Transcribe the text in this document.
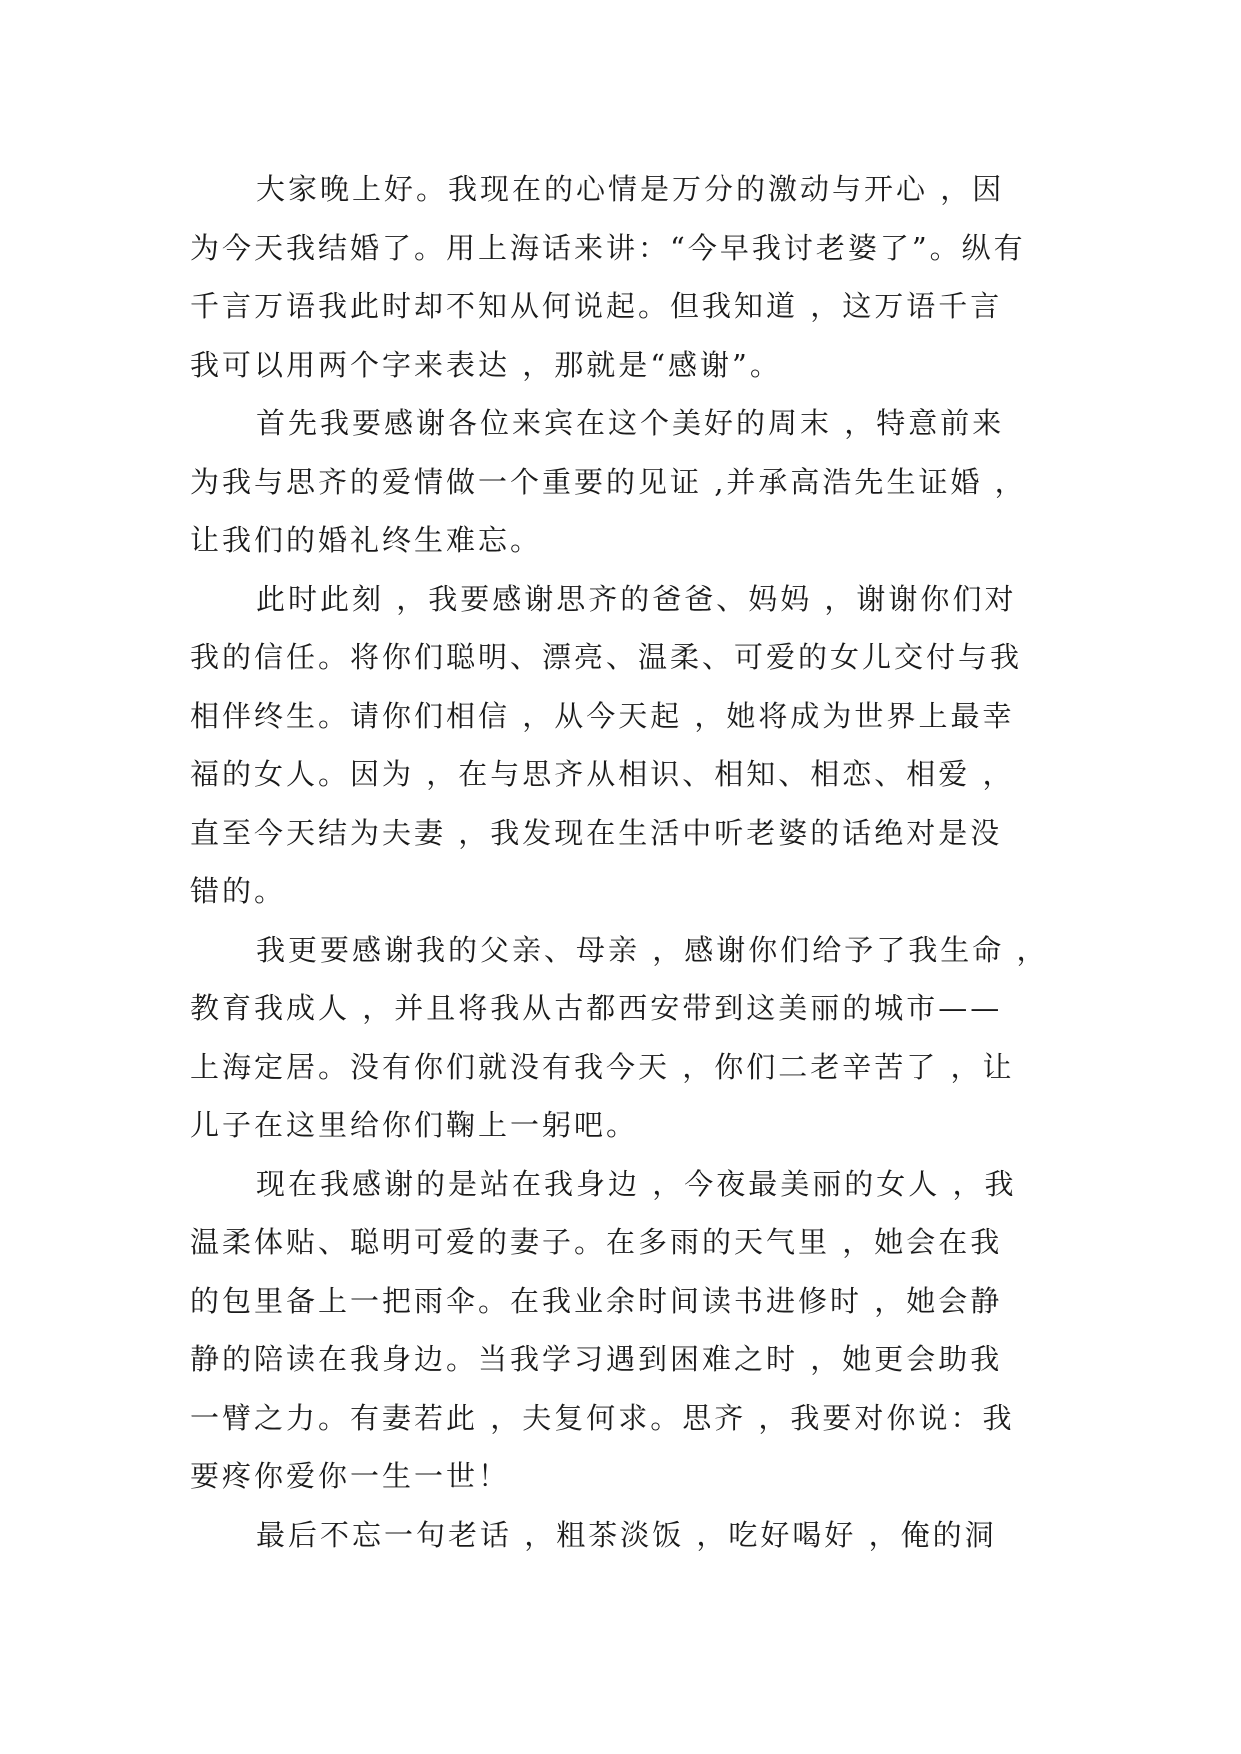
大家晚上好。我现在的心情是万分的激动与开心 ，因
为今天我结婚了。用上海话来讲：“今早我讨老婆了”。纵有
千言万语我此时却不知从何说起。但我知道 ，这万语千言
我可以用两个字来表达 ，那就是“感谢”。
首先我要感谢各位来宾在这个美好的周末 ，特意前来
为我与思齐的爱情做一个重要的见证 ,并承高浩先生证婚 ，
让我们的婚礼终生难忘。
此时此刻 ，我要感谢思齐的爸爸、妈妈 ，谢谢你们对
我的信任。将你们聪明、漂亮、温柔、可爱的女儿交付与我
相伴终生。请你们相信 ，从今天起 ，她将成为世界上最幸
福的女人。因为 ，在与思齐从相识、相知、相恋、相爱 ，
直至今天结为夫妻 ，我发现在生活中听老婆的话绝对是没
错的。
我更要感谢我的父亲、母亲 ，感谢你们给予了我生命 ，
教育我成人 ，并且将我从古都西安带到这美丽的城市——
上海定居。没有你们就没有我今天 ，你们二老辛苦了 ，让
儿子在这里给你们鞠上一躬吧。
现在我感谢的是站在我身边 ，今夜最美丽的女人 ，我
温柔体贴、聪明可爱的妻子。在多雨的天气里 ，她会在我
的包里备上一把雨伞。在我业余时间读书进修时 ，她会静
静的陪读在我身边。当我学习遇到困难之时 ，她更会助我
一臂之力。有妻若此 ，夫复何求。思齐 ，我要对你说：我
要疼你爱你一生一世！
最后不忘一句老话 ，粗茶淡饭 ，吃好喝好 ，俺的洞
